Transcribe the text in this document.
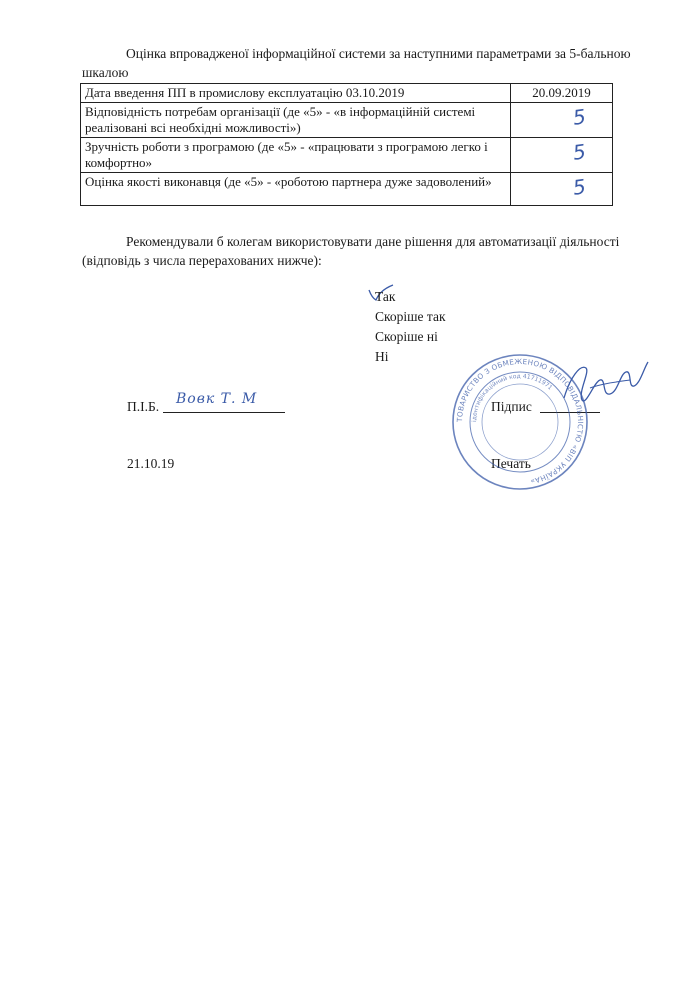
Оцінка впровадженої інформаційної системи за наступними параметрами за 5-бальною
шкалою
Дата введення ПП в промислову експлуатацію 03.10.2019	20.09.2019
Відповідність потребам організації (де «5» - «в інформаційній системі реалізовані всі необхідні можливості»)	5

Зручність роботи з програмою (де «5» - «працювати з програмою легко і комфортно»	5

Оцінка якості виконавця (де «5» - «роботою партнера дуже задоволений»	5
Рекомендували б колегам використовувати дане рішення для автоматизації діяльності
(відповідь з числа перерахованих нижче):
Так
Скоріше так
Скоріше ні
Ні
П.І.Б. Вовк Т. М	Підпис
21.10.19	Печать
ТОВАРИСТВО З ОБМЕЖЕНОЮ ВІДПОВІДАЛЬНІСТЮ «ВІП УКРАЇНА»
ідентифікаційний код 41711971
